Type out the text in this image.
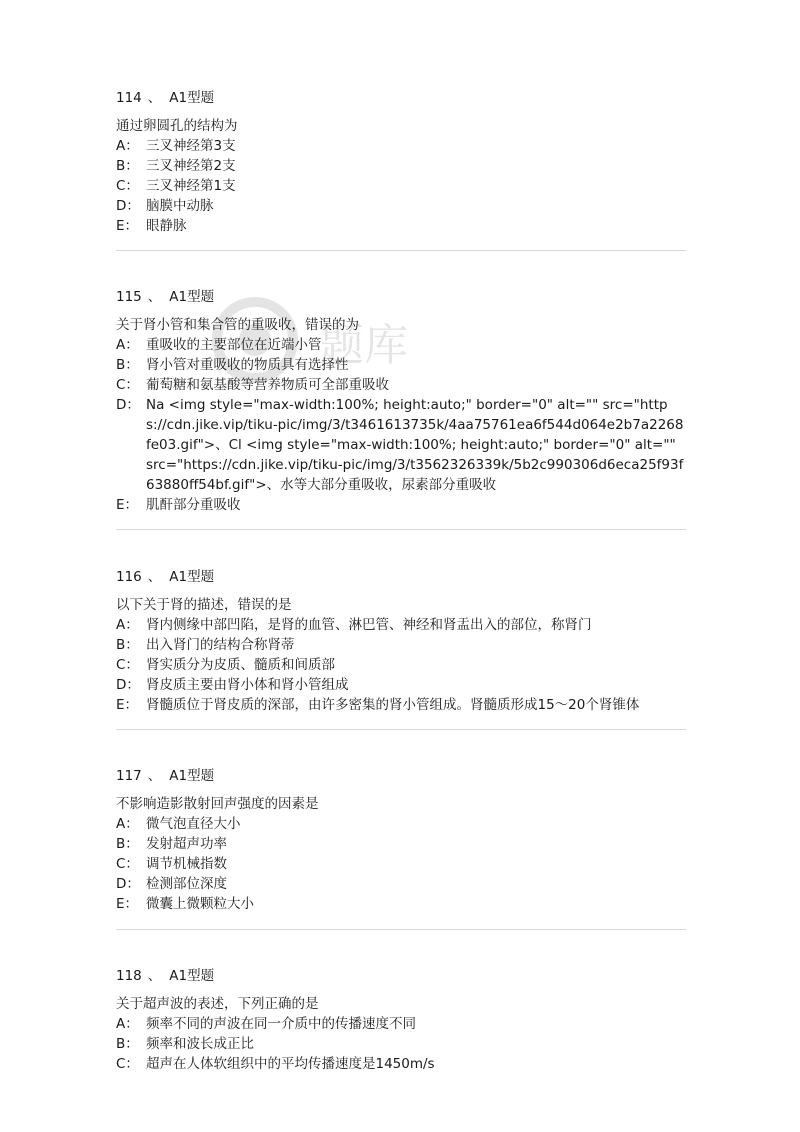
题库

114 、 A1型题

通过卵圆孔的结构为

A： 三叉神经第3支

B： 三叉神经第2支

C： 三叉神经第1支

D： 脑膜中动脉

E： 眼静脉

115 、 A1型题

关于肾小管和集合管的重吸收，错误的为

A： 重吸收的主要部位在近端小管

B： 肾小管对重吸收的物质具有选择性

C： 葡萄糖和氨基酸等营养物质可全部重吸收

D： Na <img style="max-width:100%; height:auto;" border="0" alt="" src="https://cdn.jike.vip/tiku-pic/img/3/t3461613735k/4aa75761ea6f544d064e2b7a2268fe03.gif">、Cl <img style="max-width:100%; height:auto;" border="0" alt="" src="https://cdn.jike.vip/tiku-pic/img/3/t3562326339k/5b2c990306d6eca25f93f63880ff54bf.gif">、水等大部分重吸收，尿素部分重吸收

E： 肌酐部分重吸收

116 、 A1型题

以下关于肾的描述，错误的是

A： 肾内侧缘中部凹陷，是肾的血管、淋巴管、神经和肾盂出入的部位，称肾门

B： 出入肾门的结构合称肾蒂

C： 肾实质分为皮质、髓质和间质部

D： 肾皮质主要由肾小体和肾小管组成

E： 肾髓质位于肾皮质的深部，由许多密集的肾小管组成。肾髓质形成15～20个肾锥体

117 、 A1型题

不影响造影散射回声强度的因素是

A： 微气泡直径大小

B： 发射超声功率

C： 调节机械指数

D： 检测部位深度

E： 微囊上微颗粒大小

118 、 A1型题

关于超声波的表述，下列正确的是

A： 频率不同的声波在同一介质中的传播速度不同

B： 频率和波长成正比

C： 超声在人体软组织中的平均传播速度是1450m/s
